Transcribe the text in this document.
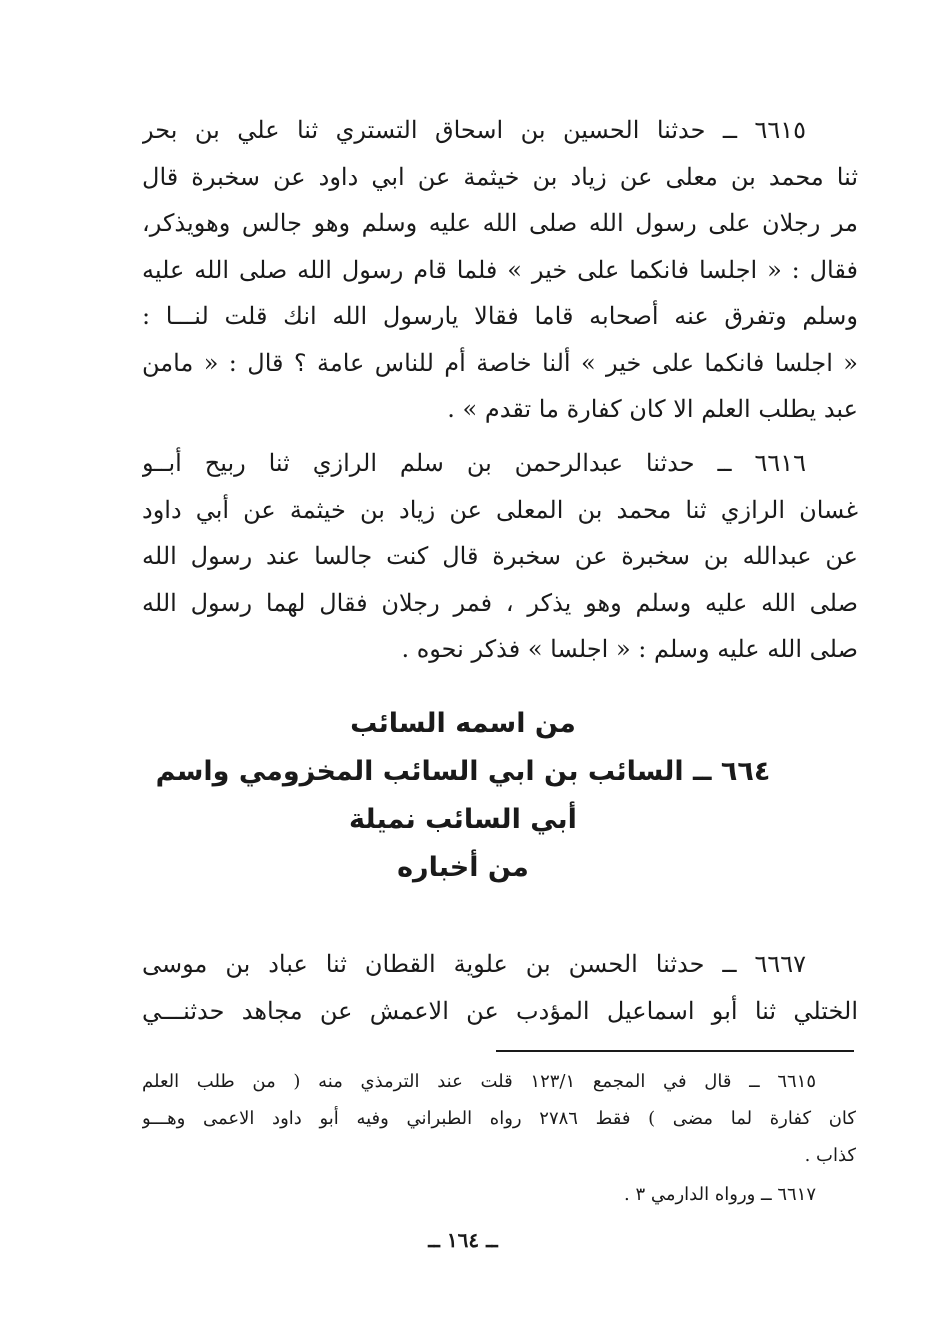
٦٦١٥ ــ حدثنا الحسين بن اسحاق التستري ثنا علي بن بحر
ثنا محمد بن معلى عن زياد بن خيثمة عن ابي داود عن سخبرة قال
مر رجلان على رسول الله صلى الله عليه وسلم وهو جالس وهويذكر،
فقال : « اجلسا فانكما على خير » فلما قام رسول الله صلى الله عليه
وسلم وتفرق عنه أصحابه قاما فقالا يارسول الله انك قلت لنـــا :
« اجلسا فانكما على خير » ألنا خاصة أم للناس عامة ؟ قال : « مامن
عبد يطلب العلم الا كان كفارة ما تقدم » .
٦٦١٦ ــ حدثنا عبدالرحمن بن سلم الرازي ثنا ربيح أبــو
غسان الرازي ثنا محمد بن المعلى عن زياد بن خيثمة عن أبي داود
عن عبدالله بن سخبرة عن سخبرة قال كنت جالسا عند رسول الله
صلى الله عليه وسلم وهو يذكر ، فمر رجلان فقال لهما رسول الله
صلى الله عليه وسلم : « اجلسا » فذكر نحوه .
من اسمه السائب
٦٦٤ ــ السائب بن ابي السائب المخزومي واسم
أبي السائب نميلة
من أخباره
٦٦٦٧ ــ حدثنا الحسن بن علوية القطان ثنا عباد بن موسى
الختلي ثنا أبو اسماعيل المؤدب عن الاعمش عن مجاهد حدثنـــي
٦٦١٥ ــ قال في المجمع ١٢٣/١ قلت عند الترمذي منه ( من طلب العلم
كان كفارة لما مضى ) فقط ٢٧٨٦ رواه الطبراني وفيه أبو داود الاعمى وهـــو
كذاب .
٦٦١٧ ــ ورواه الدارمي ٣ .
ــ ١٦٤ ــ
